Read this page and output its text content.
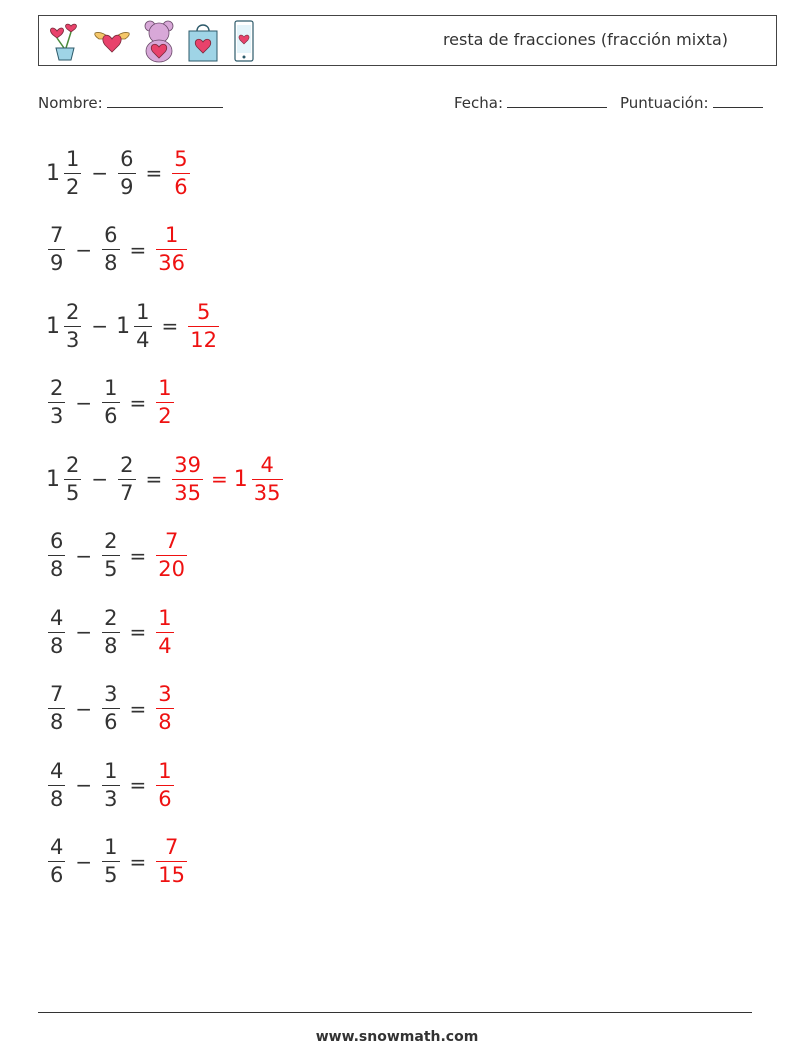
resta de fracciones (fracción mixta)
Nombre:	Fecha:	Puntuación:
$1 \frac{1}{2} - \frac{6}{9} = \frac{5}{6}$
$\frac{7}{9} - \frac{6}{8} = \frac{1}{36}$
$1 \frac{2}{3} - 1 \frac{1}{4} = \frac{5}{12}$
$\frac{2}{3} - \frac{1}{6} = \frac{1}{2}$
$1 \frac{2}{5} - \frac{2}{7} = \frac{39}{35} = 1 \frac{4}{35}$
$\frac{6}{8} - \frac{2}{5} = \frac{7}{20}$
$\frac{4}{8} - \frac{2}{8} = \frac{1}{4}$
$\frac{7}{8} - \frac{3}{6} = \frac{3}{8}$
$\frac{4}{8} - \frac{1}{3} = \frac{1}{6}$
$\frac{4}{6} - \frac{1}{5} = \frac{7}{15}$
www.snowmath.com
